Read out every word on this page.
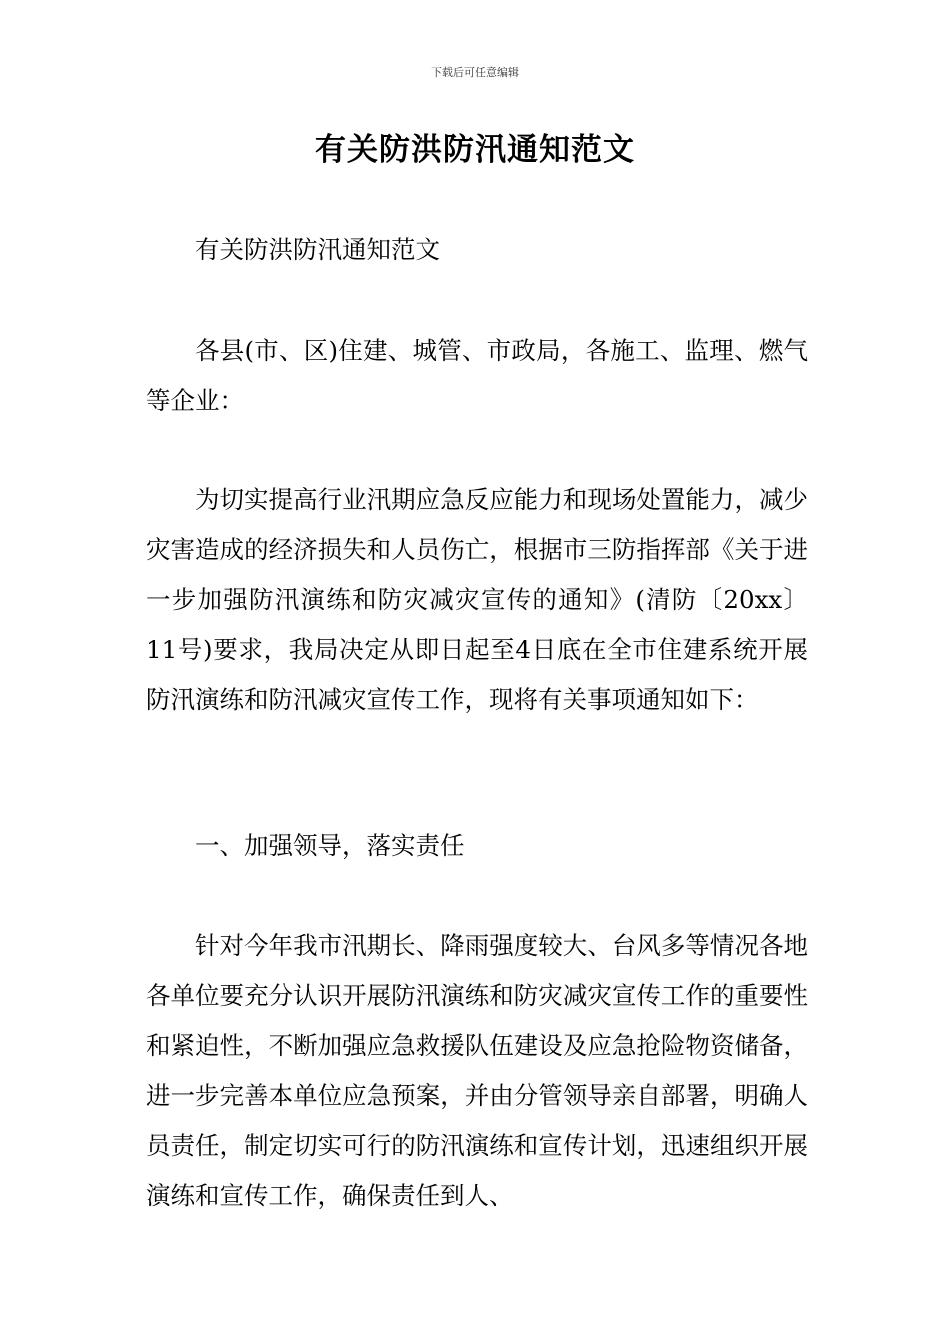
下载后可任意编辑
有关防洪防汛通知范文

有关防洪防汛通知范文

各县(市、区)住建、城管、市政局，各施工、监理、燃气等企业：

为切实提高行业汛期应急反应能力和现场处置能力，减少灾害造成的经济损失和人员伤亡，根据市三防指挥部《关于进一步加强防汛演练和防灾减灾宣传的通知》(清防〔20xx〕11号)要求，我局决定从即日起至4日底在全市住建系统开展防汛演练和防汛减灾宣传工作，现将有关事项通知如下：

一、加强领导，落实责任

针对今年我市汛期长、降雨强度较大、台风多等情况各地各单位要充分认识开展防汛演练和防灾减灾宣传工作的重要性和紧迫性，不断加强应急救援队伍建设及应急抢险物资储备，进一步完善本单位应急预案，并由分管领导亲自部署，明确人员责任，制定切实可行的防汛演练和宣传计划，迅速组织开展演练和宣传工作，确保责任到人、
